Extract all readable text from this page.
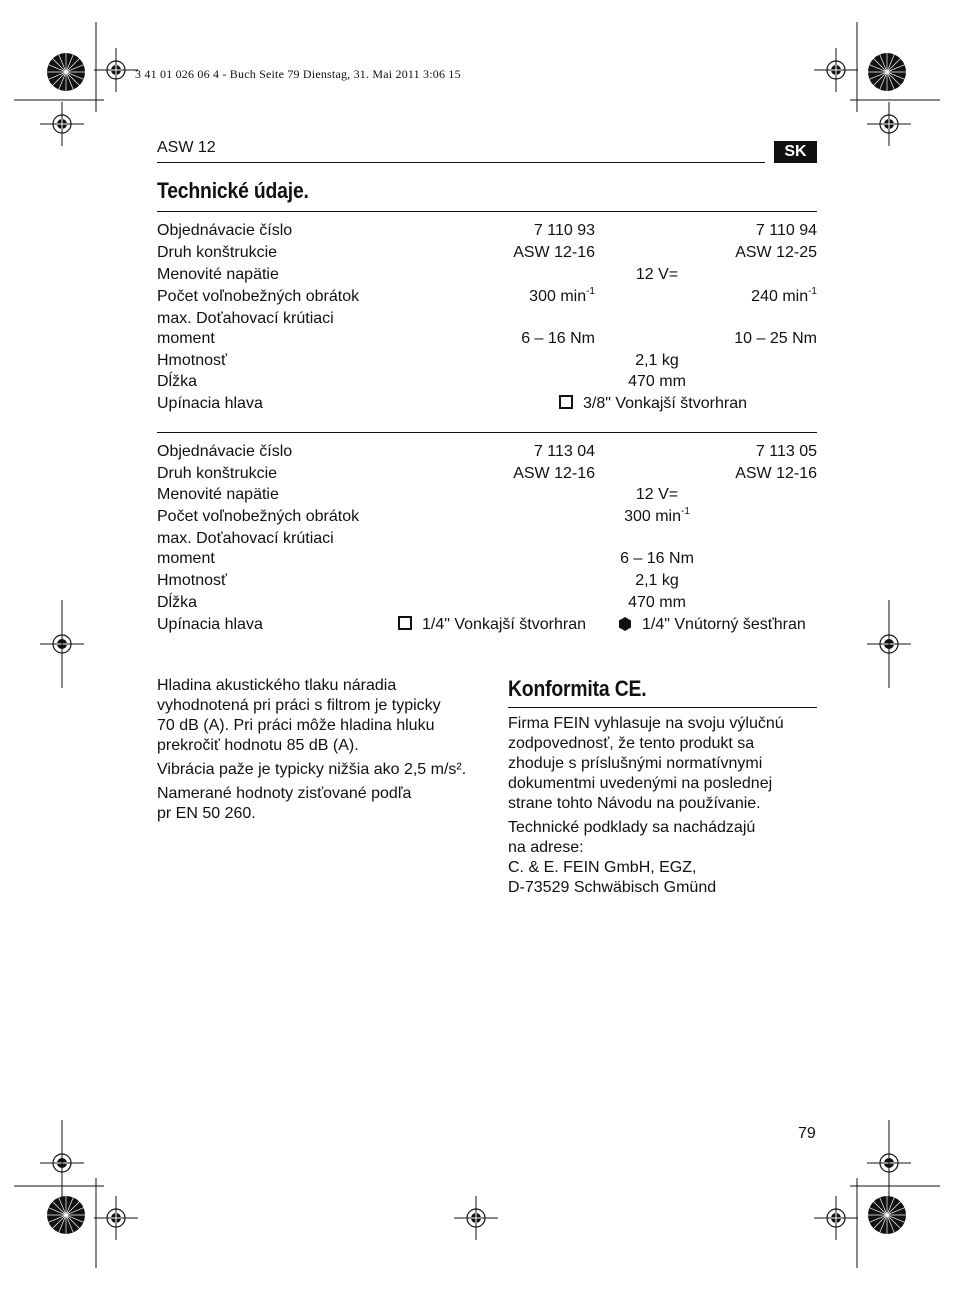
3 41 01 026 06 4 - Buch Seite 79 Dienstag, 31. Mai 2011 3:06 15
ASW 12	SK
Technické údaje.
Objednávacie číslo	7 110 93	7 110 94
Druh konštrukcie	ASW 12-16	ASW 12-25
Menovité napätie	12 V=
Počet voľnobežných obrátok	300 $\min^{-1}$	240 $\min^{-1}$
max. Doťahovací krútiaci
moment	6 – 16 Nm	10 – 25 Nm
Hmotnosť	2,1 kg
Dĺžka	470 mm
Upínacia hlava	3/8" Vonkajší štvorhran
Objednávacie číslo	7 113 04	7 113 05
Druh konštrukcie	ASW 12-16	ASW 12-16
Menovité napätie	12 V=
Počet voľnobežných obrátok	300 $\min^{-1}$
max. Doťahovací krútiaci
moment	6 – 16 Nm
Hmotnosť	2,1 kg
Dĺžka	470 mm
Upínacia hlava	1/4" Vonkajší štvorhran	1/4" Vnútorný šesťhran
Hladina akustického tlaku náradia
vyhodnotená pri práci s filtrom je typicky
70 dB (A). Pri práci môže hladina hluku
prekročiť hodnotu 85 dB (A).
Vibrácia paže je typicky nižšia ako 2,5 m/s².
Namerané hodnoty zisťované podľa
pr EN 50 260.
Konformita CE.
Firma FEIN vyhlasuje na svoju výlučnú
zodpovednosť, že tento produkt sa
zhoduje s príslušnými normatívnymi
dokumentmi uvedenými na poslednej
strane tohto Návodu na používanie.
Technické podklady sa nachádzajú
na adrese:
C. & E. FEIN GmbH, EGZ,
D-73529 Schwäbisch Gmünd
79
